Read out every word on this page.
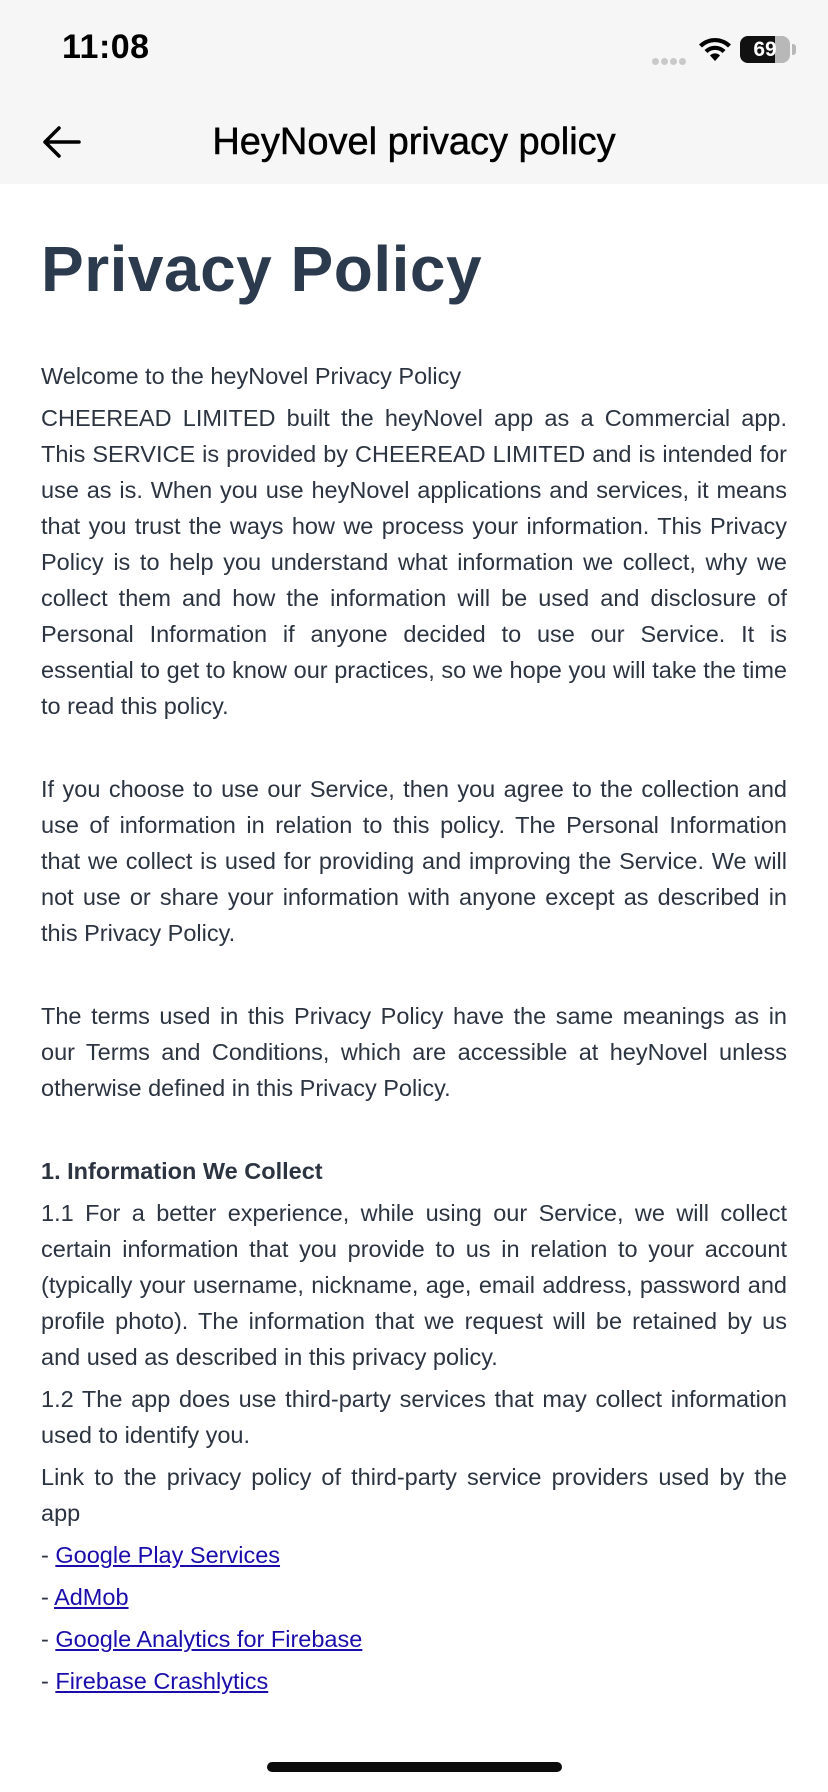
11:08	69
HeyNovel privacy policy
Privacy Policy
Welcome to the heyNovel Privacy Policy

CHEEREAD LIMITED built the heyNovel app as a Commercial app. This SERVICE is provided by CHEEREAD LIMITED and is intended for use as is. When you use heyNovel applications and services, it means that you trust the ways how we process your information. This Privacy Policy is to help you understand what information we collect, why we collect them and how the information will be used and disclosure of Personal Information if anyone decided to use our Service. It is essential to get to know our practices, so we hope you will take the time to read this policy.

If you choose to use our Service, then you agree to the collection and use of information in relation to this policy. The Personal Information that we collect is used for providing and improving the Service. We will not use or share your information with anyone except as described in this Privacy Policy.

The terms used in this Privacy Policy have the same meanings as in our Terms and Conditions, which are accessible at heyNovel unless otherwise defined in this Privacy Policy.

1. Information We Collect

1.1 For a better experience, while using our Service, we will collect certain information that you provide to us in relation to your account (typically your username, nickname, age, email address, password and profile photo). The information that we request will be retained by us and used as described in this privacy policy.

1.2 The app does use third-party services that may collect information used to identify you.

Link to the privacy policy of third-party service providers used by the app

- Google Play Services
- AdMob
- Google Analytics for Firebase
- Firebase Crashlytics
